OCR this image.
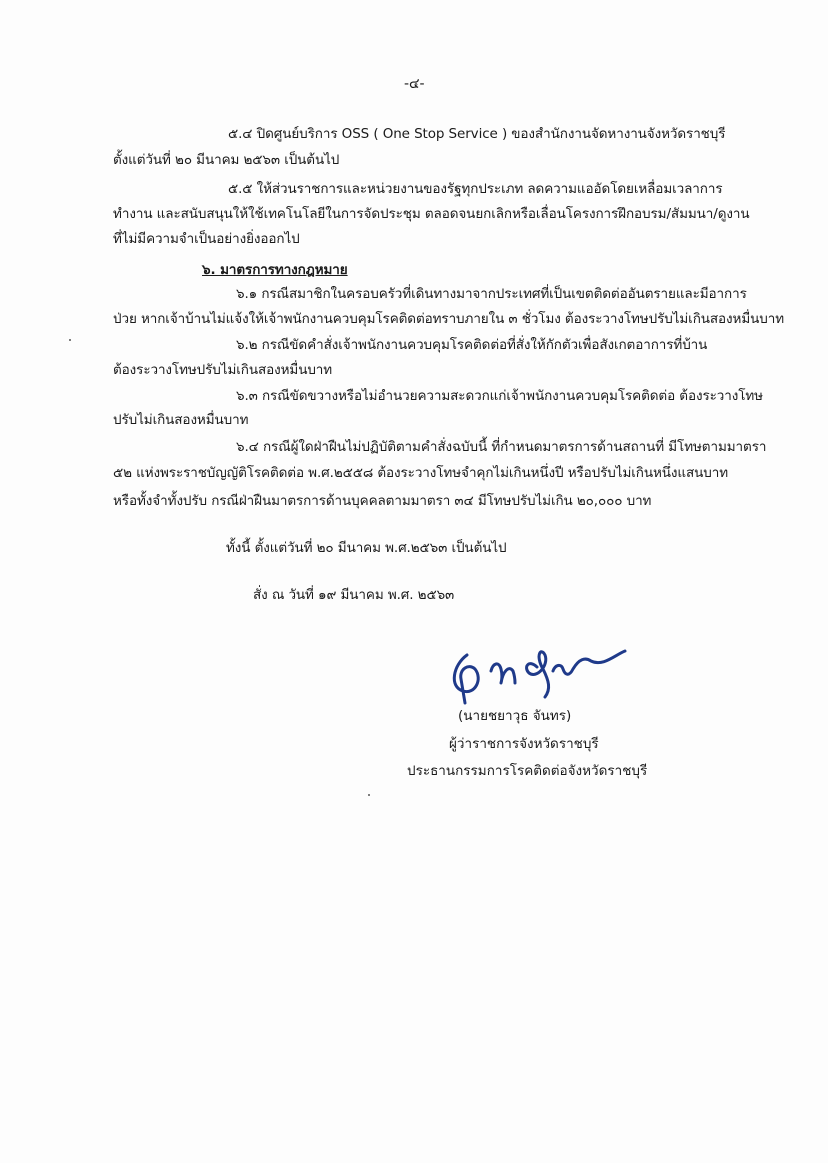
-๔-
๕.๔ ปิดศูนย์บริการ OSS ( One Stop Service ) ของสำนักงานจัดหางานจังหวัดราชบุรี
ตั้งแต่วันที่ ๒๐ มีนาคม ๒๕๖๓ เป็นต้นไป
๕.๕ ให้ส่วนราชการและหน่วยงานของรัฐทุกประเภท ลดความแออัดโดยเหลื่อมเวลาการ
ทำงาน และสนับสนุนให้ใช้เทคโนโลยีในการจัดประชุม ตลอดจนยกเลิกหรือเลื่อนโครงการฝึกอบรม/สัมมนา/ดูงาน
ที่ไม่มีความจำเป็นอย่างยิ่งออกไป
๖. มาตรการทางกฎหมาย
๖.๑ กรณีสมาชิกในครอบครัวที่เดินทางมาจากประเทศที่เป็นเขตติดต่ออันตรายและมีอาการ
ป่วย หากเจ้าบ้านไม่แจ้งให้เจ้าพนักงานควบคุมโรคติดต่อทราบภายใน ๓ ชั่วโมง ต้องระวางโทษปรับไม่เกินสองหมื่นบาท
๖.๒ กรณีขัดคำสั่งเจ้าพนักงานควบคุมโรคติดต่อที่สั่งให้กักตัวเพื่อสังเกตอาการที่บ้าน
ต้องระวางโทษปรับไม่เกินสองหมื่นบาท
๖.๓ กรณีขัดขวางหรือไม่อำนวยความสะดวกแก่เจ้าพนักงานควบคุมโรคติดต่อ ต้องระวางโทษ
ปรับไม่เกินสองหมื่นบาท
๖.๔ กรณีผู้ใดฝ่าฝืนไม่ปฏิบัติตามคำสั่งฉบับนี้ ที่กำหนดมาตรการด้านสถานที่ มีโทษตามมาตรา
๕๒ แห่งพระราชบัญญัติโรคติดต่อ พ.ศ.๒๕๕๘ ต้องระวางโทษจำคุกไม่เกินหนึ่งปี หรือปรับไม่เกินหนึ่งแสนบาท
หรือทั้งจำทั้งปรับ กรณีฝ่าฝืนมาตรการด้านบุคคลตามมาตรา ๓๔ มีโทษปรับไม่เกิน ๒๐,๐๐๐ บาท
ทั้งนี้ ตั้งแต่วันที่ ๒๐ มีนาคม พ.ศ.๒๕๖๓ เป็นต้นไป
สั่ง ณ วันที่ ๑๙ มีนาคม พ.ศ. ๒๕๖๓
(นายชยาวุธ จันทร)
ผู้ว่าราชการจังหวัดราชบุรี
ประธานกรรมการโรคติดต่อจังหวัดราชบุรี
